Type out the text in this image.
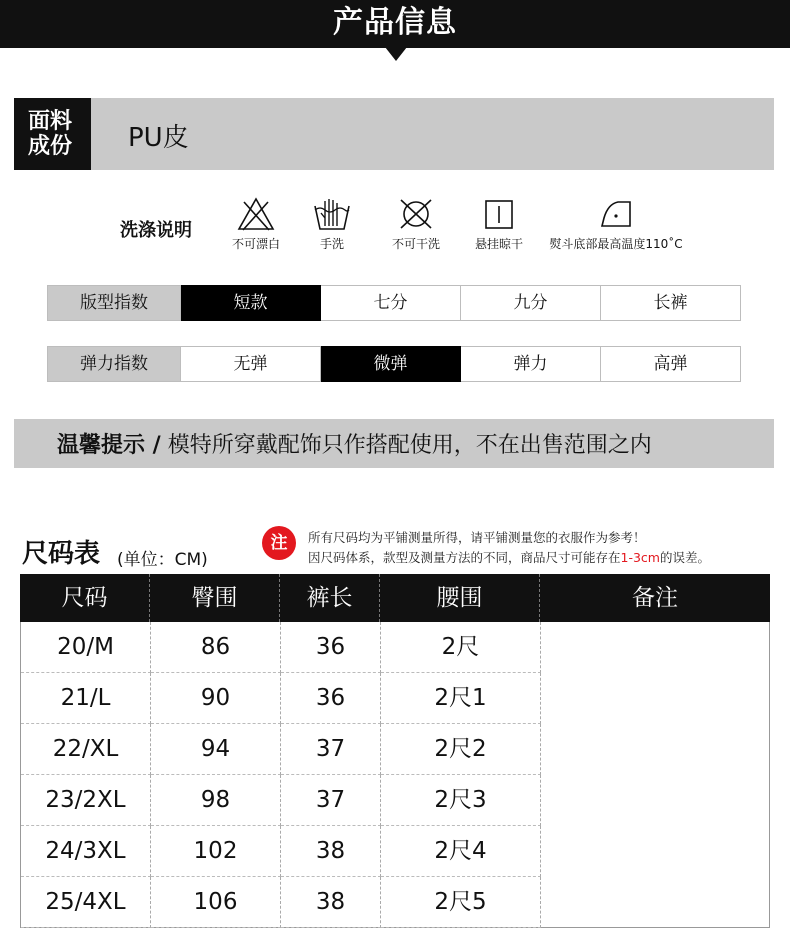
产品信息
面料
成份	PU皮
洗涤说明
不可漂白	手洗	不可干洗	悬挂晾干	熨斗底部最高温度110˚C
版型指数	短款	七分	九分	长裤
弹力指数	无弹	微弹	弹力	高弹
温馨提示 / 模特所穿戴配饰只作搭配使用，不在出售范围之内
尺码表 (单位：CM)
注	所有尺码均为平铺测量所得，请平铺测量您的衣服作为参考！
因尺码体系，款型及测量方法的不同，商品尺寸可能存在1-3cm的误差。
尺码	臀围	裤长	腰围	备注
20/M	86	36	2尺
21/L	90	36	2尺1
22/XL	94	37	2尺2
23/2XL	98	37	2尺3
24/3XL	102	38	2尺4
25/4XL	106	38	2尺5
